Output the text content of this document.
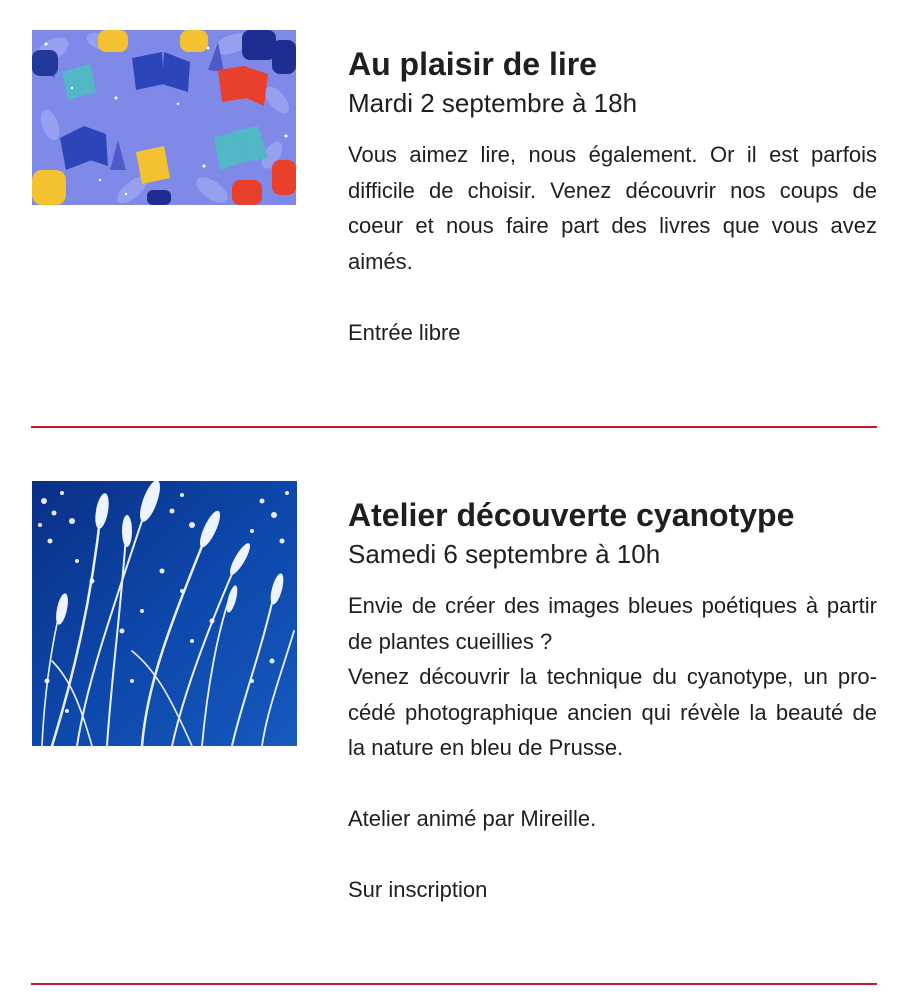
Au plaisir de lire
Mardi 2 septembre à 18h

Vous aimez lire, nous également. Or il est parfois difficile de choisir. Venez découvrir nos coups de coeur et nous faire part des livres que vous avez aimés.

Entrée libre

Atelier découverte cyanotype
Samedi 6 septembre à 10h

Envie de créer des images bleues poétiques à partir de plantes cueillies ?

Venez découvrir la technique du cyanotype, un pro-cédé photographique ancien qui révèle la beauté de la nature en bleu de Prusse.

Atelier animé par Mireille.

Sur inscription
